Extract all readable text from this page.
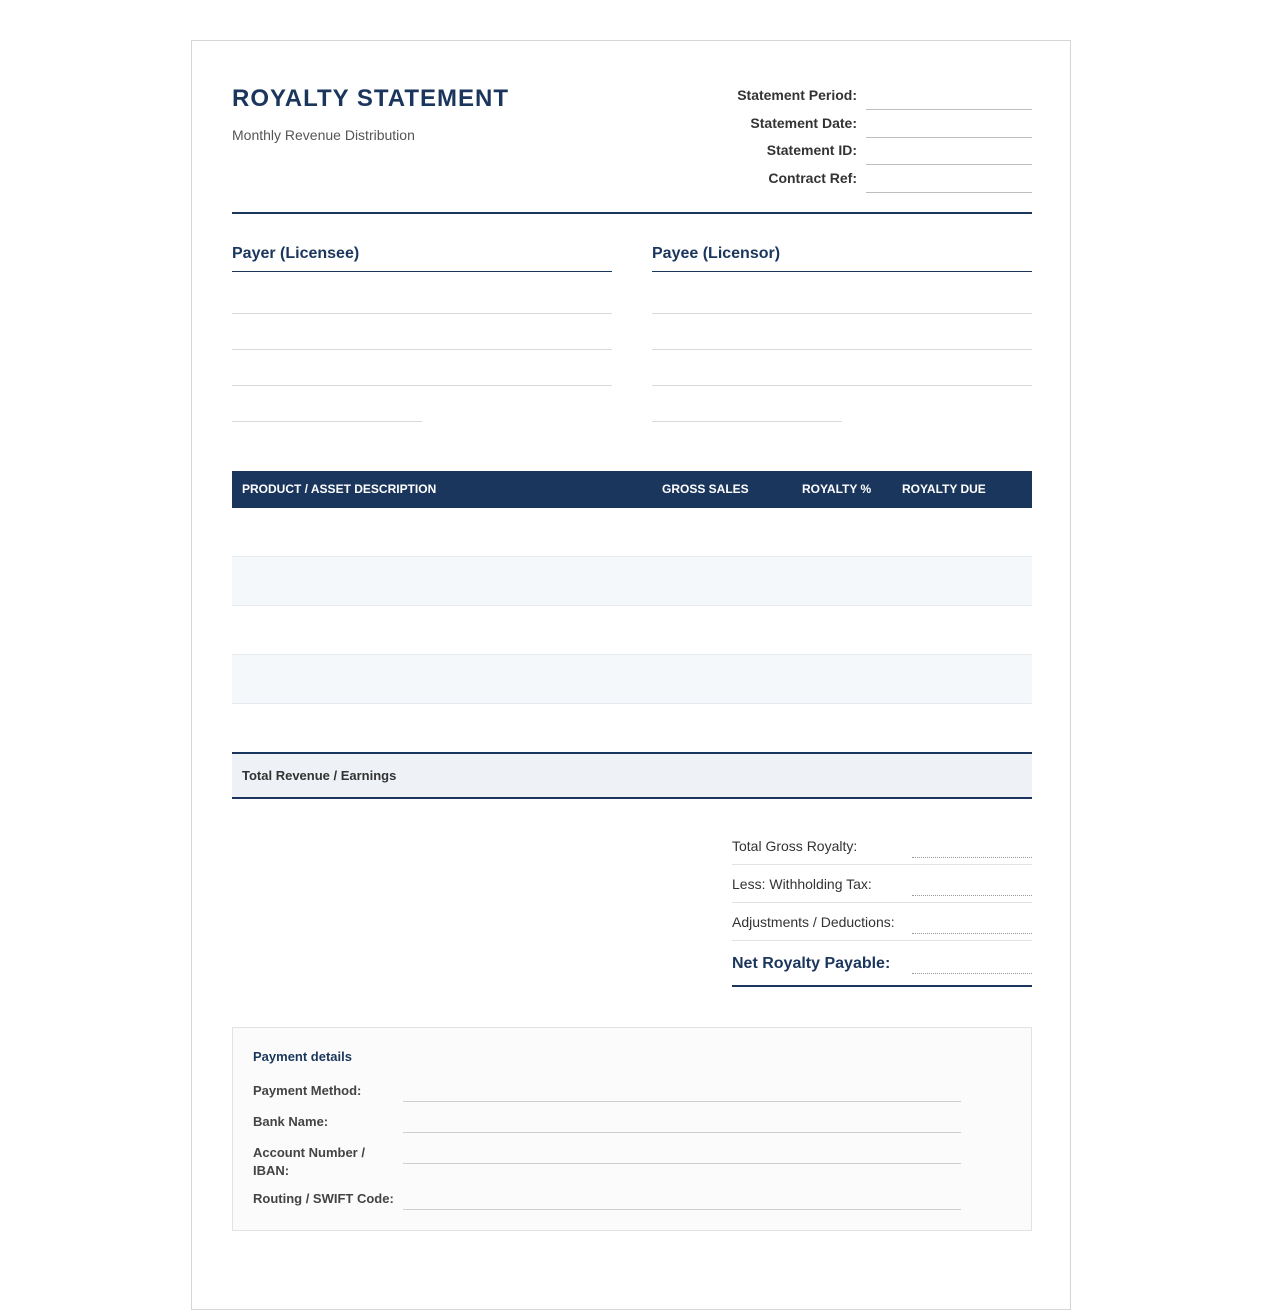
ROYALTY STATEMENT

Monthly Revenue Distribution

Statement Period:
Statement Date:
Statement ID:
Contract Ref:
Payer (Licensee)	Payee (Licensor)
PRODUCT / ASSET DESCRIPTION	GROSS SALES	ROYALTY %	ROYALTY DUE
Total Revenue / Earnings
Total Gross Royalty:
Less: Withholding Tax:
Adjustments / Deductions:
Net Royalty Payable:
Payment details
Payment Method:
Bank Name:
Account Number / IBAN:
Routing / SWIFT Code:
